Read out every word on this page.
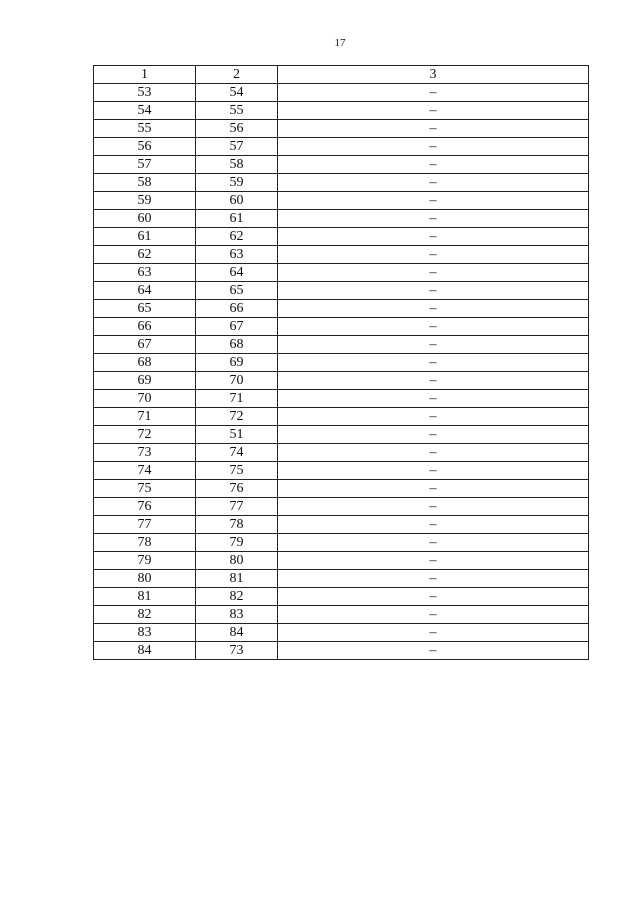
17
1	2	3
53	54	–
54	55	–
55	56	–
56	57	–
57	58	–
58	59	–
59	60	–
60	61	–
61	62	–
62	63	–
63	64	–
64	65	–
65	66	–
66	67	–
67	68	–
68	69	–
69	70	–
70	71	–
71	72	–
72	51	–
73	74	–
74	75	–
75	76	–
76	77	–
77	78	–
78	79	–
79	80	–
80	81	–
81	82	–
82	83	–
83	84	–
84	73	–
